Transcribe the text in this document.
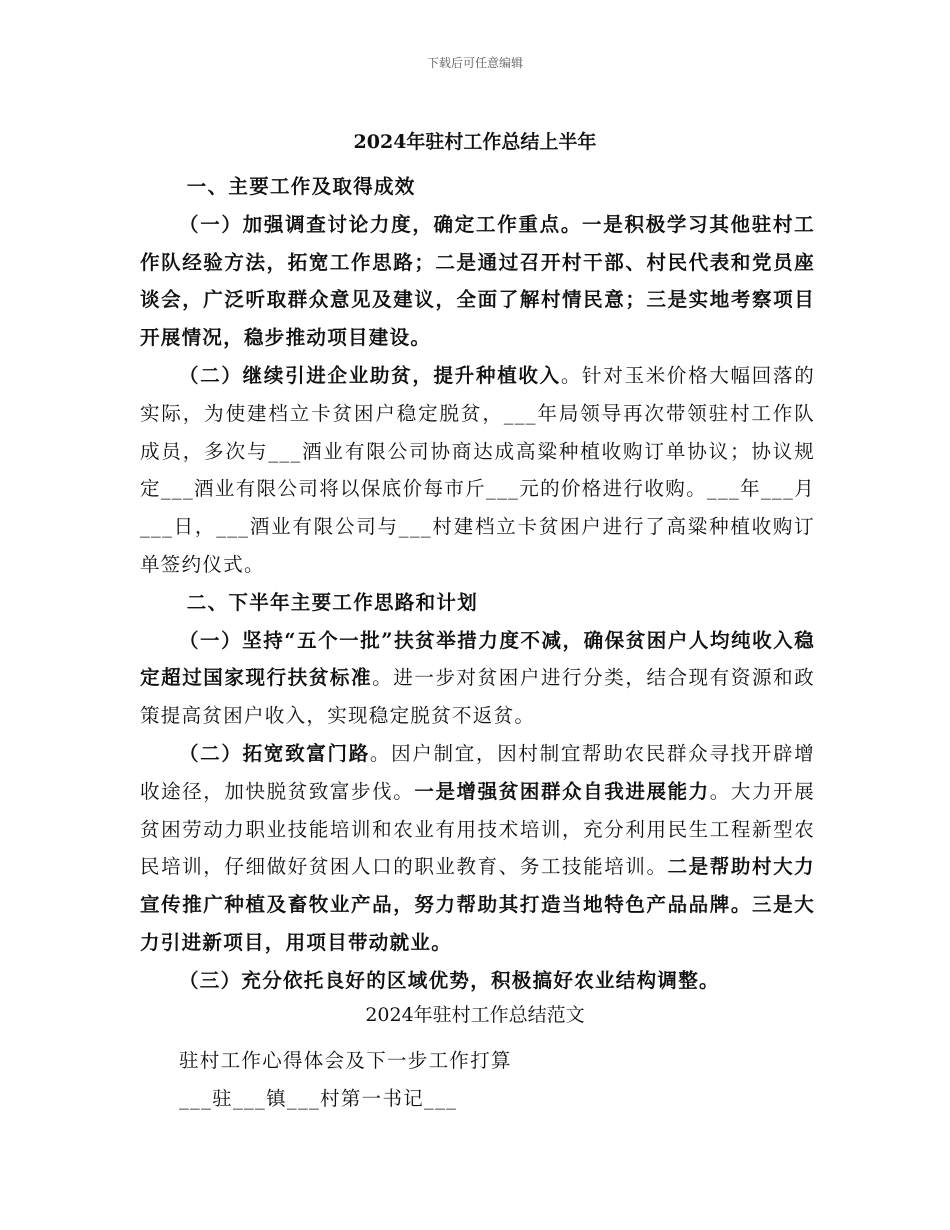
下载后可任意编辑
2024年驻村工作总结上半年

一、主要工作及取得成效

（一）加强调查讨论力度，确定工作重点。一是积极学习其他驻村工作队经验方法，拓宽工作思路；二是通过召开村干部、村民代表和党员座谈会，广泛听取群众意见及建议，全面了解村情民意；三是实地考察项目开展情况，稳步推动项目建设。

（二）继续引进企业助贫，提升种植收入。针对玉米价格大幅回落的实际，为使建档立卡贫困户稳定脱贫，___年局领导再次带领驻村工作队成员，多次与___酒业有限公司协商达成高粱种植收购订单协议；协议规定___酒业有限公司将以保底价每市斤___元的价格进行收购。___年___月___日，___酒业有限公司与___村建档立卡贫困户进行了高粱种植收购订单签约仪式。

二、下半年主要工作思路和计划

（一）坚持“五个一批”扶贫举措力度不减，确保贫困户人均纯收入稳定超过国家现行扶贫标准。进一步对贫困户进行分类，结合现有资源和政策提高贫困户收入，实现稳定脱贫不返贫。

（二）拓宽致富门路。因户制宜，因村制宜帮助农民群众寻找开辟增收途径，加快脱贫致富步伐。一是增强贫困群众自我进展能力。大力开展贫困劳动力职业技能培训和农业有用技术培训，充分利用民生工程新型农民培训，仔细做好贫困人口的职业教育、务工技能培训。二是帮助村大力宣传推广种植及畜牧业产品，努力帮助其打造当地特色产品品牌。三是大力引进新项目，用项目带动就业。

（三）充分依托良好的区域优势，积极搞好农业结构调整。

2024年驻村工作总结范文

驻村工作心得体会及下一步工作打算

___驻___镇___村第一书记___
